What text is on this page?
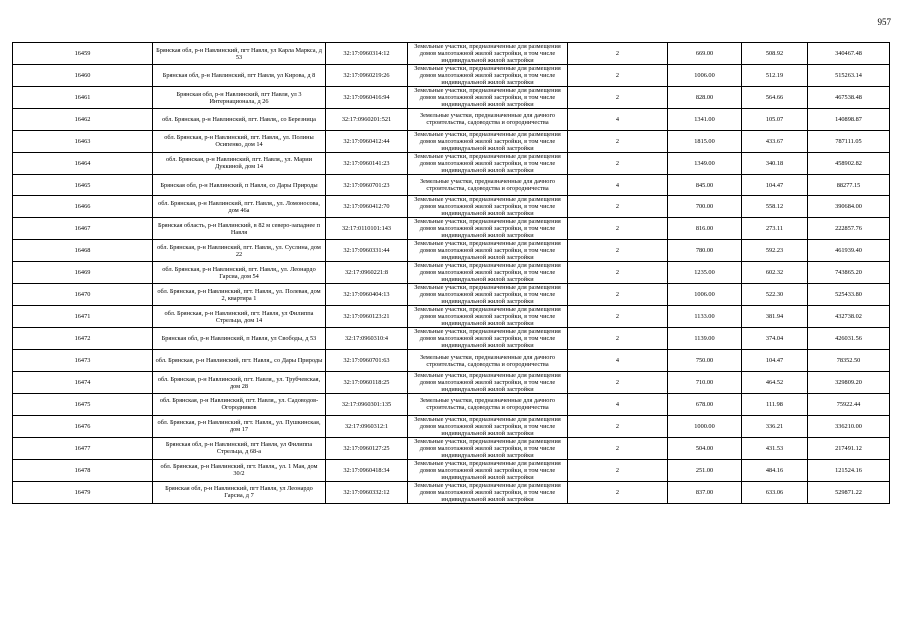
957
16459	Брянская обл, р-н Навлинский, пгт Навля, ул Карла Маркса, д 53	32:17:0960314:12	Земельные участки, предназначенные для размещения домов малоэтажной жилой застройки, в том числе индивидуальной жилой застройки	2	669.00	508.92	340467.48
16460	Брянская обл, р-н Навлинский, пгт Навля, ул Кирова, д 8	32:17:0960219:26	Земельные участки, предназначенные для размещения домов малоэтажной жилой застройки, в том числе индивидуальной жилой застройки	2	1006.00	512.19	515263.14
16461	Брянская обл, р-н Навлинский, пгт Навля, ул 3 Интернационала, д 26	32:17:0960416:94	Земельные участки, предназначенные для размещения домов малоэтажной жилой застройки, в том числе индивидуальной жилой застройки	2	828.00	564.66	467538.48
16462	обл. Брянская, р-н Навлинский, пгт. Навля,, со Березница	32:17:0960201:521	Земельные участки, предназначенные для дачного строительства, садоводства и огородничества	4	1341.00	105.07	140898.87
16463	обл. Брянская, р-н Навлинский, пгт. Навля,, ул. Полины Осипенко, дом 14	32:17:0960412:44	Земельные участки, предназначенные для размещения домов малоэтажной жилой застройки, в том числе индивидуальной жилой застройки	2	1815.00	433.67	787111.05
16464	обл. Брянская, р-н Навлинский, пгт. Навля,, ул. Марии Дуккиной, дом 14	32:17:0960141:23	Земельные участки, предназначенные для размещения домов малоэтажной жилой застройки, в том числе индивидуальной жилой застройки	2	1349.00	340.18	458902.82
16465	Брянская обл, р-н Навлинский, п Навля, со Дары Природы	32:17:0960701:23	Земельные участки, предназначенные для дачного строительства, садоводства и огородничества	4	845.00	104.47	88277.15
16466	обл. Брянская, р-н Навлинский, пгт. Навля,, ул. Ломоносова, дом 46а	32:17:0960412:70	Земельные участки, предназначенные для размещения домов малоэтажной жилой застройки, в том числе индивидуальной жилой застройки	2	700.00	558.12	390684.00
16467	Брянская область, р-н Навлинский, в 82 м северо-западнее п Навля	32:17:0110101:143	Земельные участки, предназначенные для размещения домов малоэтажной жилой застройки, в том числе индивидуальной жилой застройки	2	816.00	273.11	222857.76
16468	обл. Брянская, р-н Навлинский, пгт. Навля,, ул. Суслина, дом 22	32:17:0960331:44	Земельные участки, предназначенные для размещения домов малоэтажной жилой застройки, в том числе индивидуальной жилой застройки	2	780.00	592.23	461939.40
16469	обл. Брянская, р-н Навлинский, пгт. Навля,, ул. Леонардо Гарсиа, дом 54	32:17:0960221:8	Земельные участки, предназначенные для размещения домов малоэтажной жилой застройки, в том числе индивидуальной жилой застройки	2	1235.00	602.32	743865.20
16470	обл. Брянская, р-н Навлинский, пгт. Навля,, ул. Полевая, дом 2, квартира 1	32:17:0960404:13	Земельные участки, предназначенные для размещения домов малоэтажной жилой застройки, в том числе индивидуальной жилой застройки	2	1006.00	522.30	525433.80
16471	обл. Брянская, р-н Навлинский, пгт. Навля, ул Филиппа Стрельца, дом 14	32:17:0960123:21	Земельные участки, предназначенные для размещения домов малоэтажной жилой застройки, в том числе индивидуальной жилой застройки	2	1133.00	381.94	432738.02
16472	Брянская обл, р-н Навлинский, п Навля, ул Свободы, д 53	32:17:0960310:4	Земельные участки, предназначенные для размещения домов малоэтажной жилой застройки, в том числе индивидуальной жилой застройки	2	1139.00	374.04	426031.56
16473	обл. Брянская, р-н Навлинский, пгт. Навля,, со Дары Природы	32:17:0960701:63	Земельные участки, предназначенные для дачного строительства, садоводства и огородничества	4	750.00	104.47	78352.50
16474	обл. Брянская, р-н Навлинский, пгт. Навля,, ул. Трубчевская, дом 28	32:17:0960118:25	Земельные участки, предназначенные для размещения домов малоэтажной жилой застройки, в том числе индивидуальной жилой застройки	2	710.00	464.52	329809.20
16475	обл. Брянская, р-н Навлинский, пгт. Навля,, ул. Садоводов-Огородников	32:17:0960301:135	Земельные участки, предназначенные для дачного строительства, садоводства и огородничества	4	678.00	111.98	75922.44
16476	обл. Брянская, р-н Навлинский, пгт. Навля,, ул. Пушкинская, дом 17	32:17:0960312:1	Земельные участки, предназначенные для размещения домов малоэтажной жилой застройки, в том числе индивидуальной жилой застройки	2	1000.00	336.21	336210.00
16477	Брянская обл, р-н Навлинский, пгт Навля, ул Филиппа Стрельца, д 68-а	32:17:0960127:25	Земельные участки, предназначенные для размещения домов малоэтажной жилой застройки, в том числе индивидуальной жилой застройки	2	504.00	431.53	217491.12
16478	обл. Брянская, р-н Навлинский, пгт. Навля,, ул. 1 Мая, дом 30/2	32:17:0960418:34	Земельные участки, предназначенные для размещения домов малоэтажной жилой застройки, в том числе индивидуальной жилой застройки	2	251.00	484.16	121524.16
16479	Брянская обл, р-н Навлинский, пгт Навля, ул Леонардо Гарсиа, д 7	32:17:0960332:12	Земельные участки, предназначенные для размещения домов малоэтажной жилой застройки, в том числе индивидуальной жилой застройки	2	837.00	633.06	529871.22
